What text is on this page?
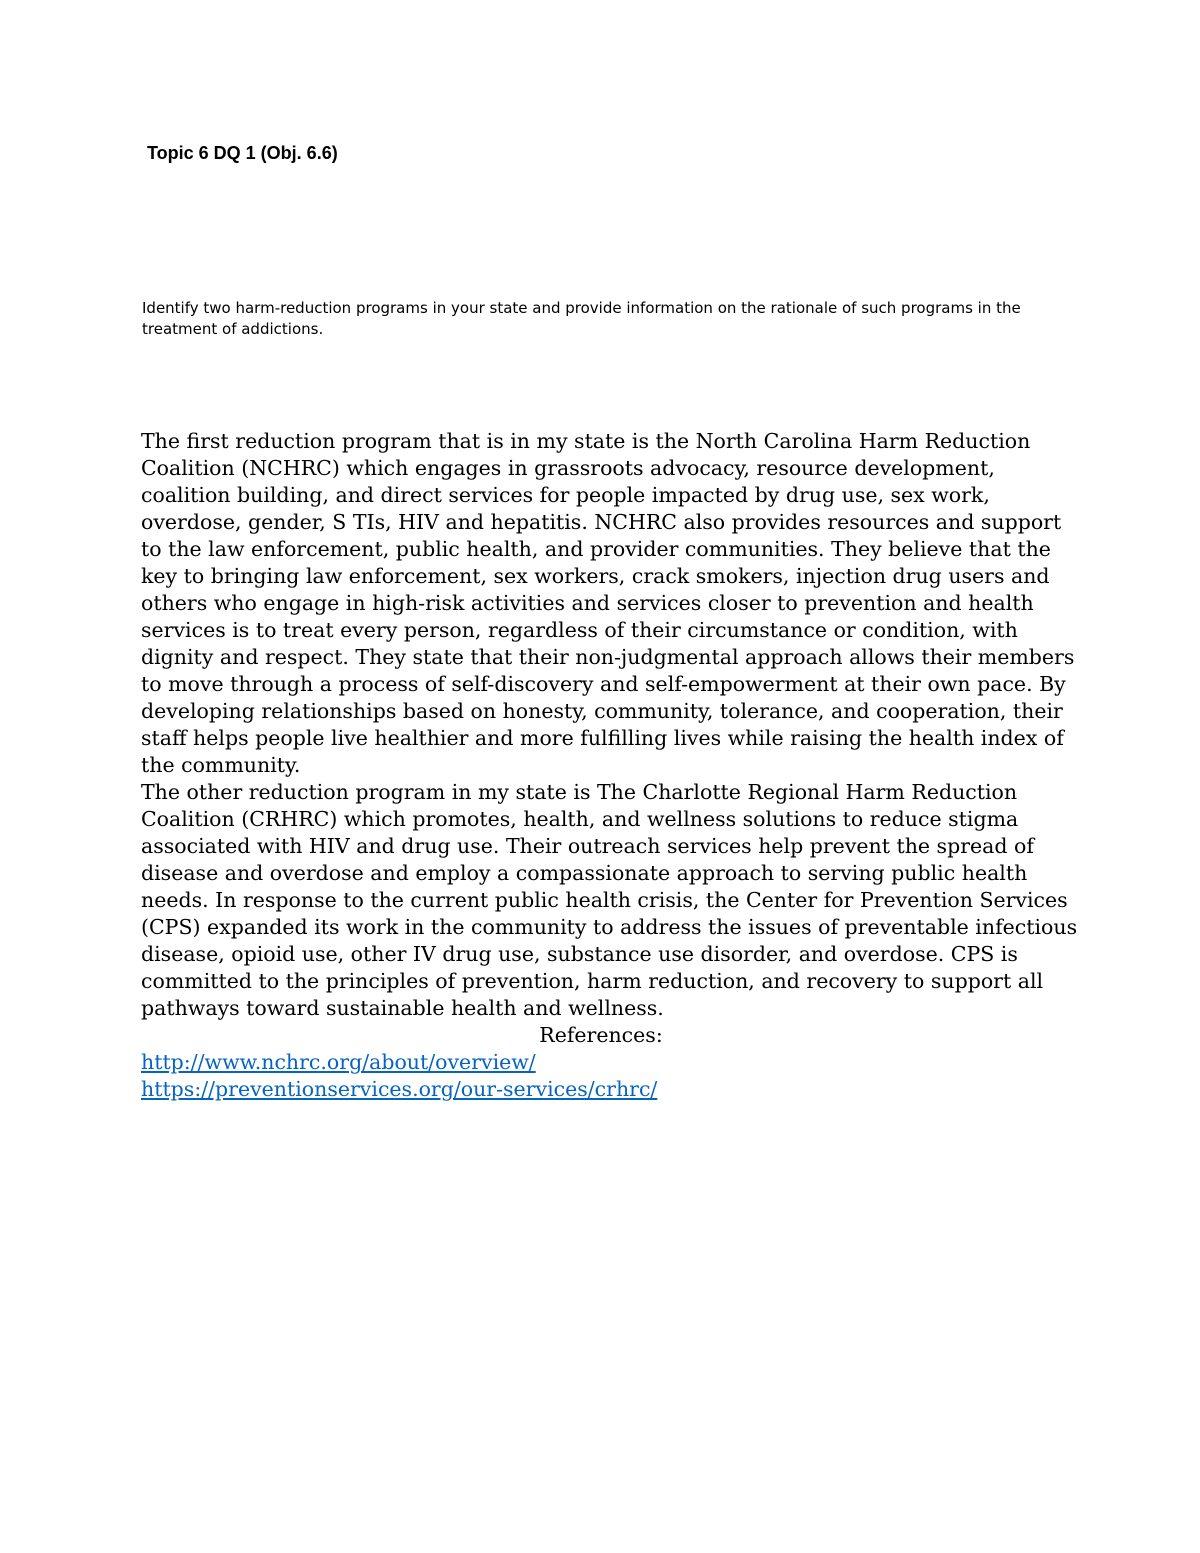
Topic 6 DQ 1 (Obj. 6.6)

Identify two harm-reduction programs in your state and provide information on the rationale of such programs in the treatment of addictions.

The first reduction program that is in my state is the North Carolina Harm Reduction Coalition (NCHRC) which engages in grassroots advocacy, resource development, coalition building, and direct services for people impacted by drug use, sex work, overdose, gender, S TIs, HIV and hepatitis. NCHRC also provides resources and support to the law enforcement, public health, and provider communities. They believe that the key to bringing law enforcement, sex workers, crack smokers, injection drug users and others who engage in high-risk activities and services closer to prevention and health services is to treat every person, regardless of their circumstance or condition, with dignity and respect. They state that their non-judgmental approach allows their members to move through a process of self-discovery and self-empowerment at their own pace. By developing relationships based on honesty, community, tolerance, and cooperation, their staff helps people live healthier and more fulfilling lives while raising the health index of the community.

The other reduction program in my state is The Charlotte Regional Harm Reduction Coalition (CRHRC) which promotes, health, and wellness solutions to reduce stigma associated with HIV and drug use. Their outreach services help prevent the spread of disease and overdose and employ a compassionate approach to serving public health needs. In response to the current public health crisis, the Center for Prevention Services (CPS) expanded its work in the community to address the issues of preventable infectious disease, opioid use, other IV drug use, substance use disorder, and overdose. CPS is committed to the principles of prevention, harm reduction, and recovery to support all pathways toward sustainable health and wellness.

References:

http://www.nchrc.org/about/overview/
https://preventionservices.org/our-services/crhrc/
